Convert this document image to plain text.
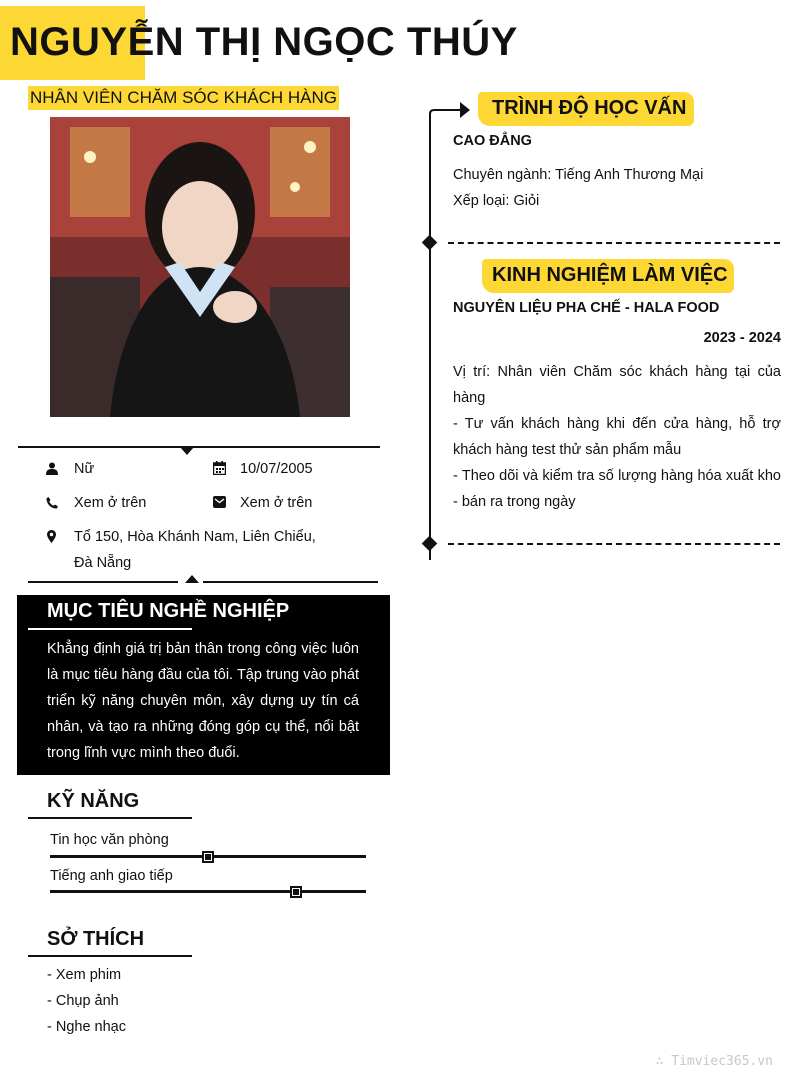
NGUYỄN THỊ NGỌC THÚY
NHÂN VIÊN CHĂM SÓC KHÁCH HÀNG
Nữ	10/07/2005
Xem ở trên	Xem ở trên
Tổ 150, Hòa Khánh Nam, Liên Chiểu,
Đà Nẵng
MỤC TIÊU NGHỀ NGHIỆP
Khẳng định giá trị bản thân trong công việc luôn là mục tiêu hàng đầu của tôi. Tập trung vào phát triển kỹ năng chuyên môn, xây dựng uy tín cá nhân, và tạo ra những đóng góp cụ thể, nổi bật trong lĩnh vực mình theo đuổi.
KỸ NĂNG
Tin học văn phòng
Tiếng anh giao tiếp
SỞ THÍCH
- Xem phim
- Chụp ảnh
- Nghe nhạc
TRÌNH ĐỘ HỌC VẤN
CAO ĐẲNG
Chuyên ngành: Tiếng Anh Thương Mại
Xếp loại: Giỏi
KINH NGHIỆM LÀM VIỆC
NGUYÊN LIỆU PHA CHẾ - HALA FOOD
2023 - 2024
Vị trí: Nhân viên Chăm sóc khách hàng tại của hàng
- Tư vấn khách hàng khi đến cửa hàng, hỗ trợ khách hàng test thử sản phẩm mẫu
- Theo dõi và kiểm tra số lượng hàng hóa xuất kho - bán ra trong ngày
∴ Timviec365.vn
